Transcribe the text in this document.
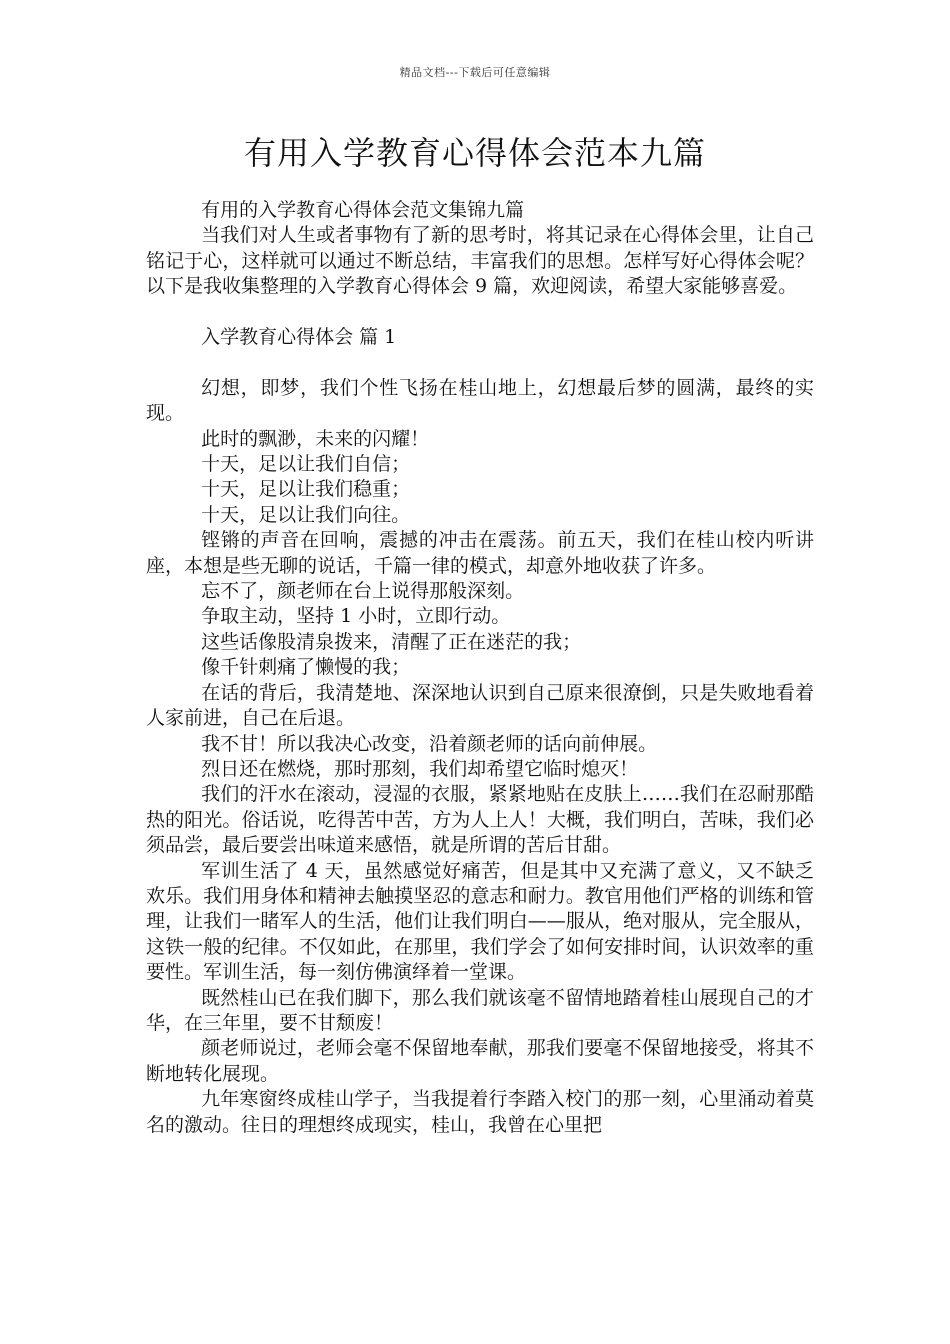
精品文档---下载后可任意编辑
有用入学教育心得体会范本九篇

有用的入学教育心得体会范文集锦九篇

当我们对人生或者事物有了新的思考时，将其记录在心得体会里，让自己铭记于心，这样就可以通过不断总结，丰富我们的思想。怎样写好心得体会呢？以下是我收集整理的入学教育心得体会 9 篇，欢迎阅读，希望大家能够喜爱。

入学教育心得体会 篇 1

幻想，即梦，我们个性飞扬在桂山地上，幻想最后梦的圆满，最终的实现。

此时的飘渺，未来的闪耀！

十天，足以让我们自信；

十天，足以让我们稳重；

十天，足以让我们向往。

铿锵的声音在回响，震撼的冲击在震荡。前五天，我们在桂山校内听讲座，本想是些无聊的说话，千篇一律的模式，却意外地收获了许多。

忘不了，颜老师在台上说得那般深刻。

争取主动，坚持 1 小时，立即行动。

这些话像股清泉拨来，清醒了正在迷茫的我；

像千针刺痛了懒慢的我；

在话的背后，我清楚地、深深地认识到自己原来很潦倒，只是失败地看着人家前进，自己在后退。

我不甘！所以我决心改变，沿着颜老师的话向前伸展。

烈日还在燃烧，那时那刻，我们却希望它临时熄灭！

我们的汗水在滚动，浸湿的衣服，紧紧地贴在皮肤上……我们在忍耐那酷热的阳光。俗话说，吃得苦中苦，方为人上人！大概，我们明白，苦味，我们必须品尝，最后要尝出味道来感悟，就是所谓的苦后甘甜。

军训生活了 4 天，虽然感觉好痛苦，但是其中又充满了意义，又不缺乏欢乐。我们用身体和精神去触摸坚忍的意志和耐力。教官用他们严格的训练和管理，让我们一睹军人的生活，他们让我们明白——服从，绝对服从，完全服从，这铁一般的纪律。不仅如此，在那里，我们学会了如何安排时间，认识效率的重要性。军训生活，每一刻仿佛演绎着一堂课。

既然桂山已在我们脚下，那么我们就该毫不留情地踏着桂山展现自己的才华，在三年里，要不甘颓废！

颜老师说过，老师会毫不保留地奉献，那我们要毫不保留地接受，将其不断地转化展现。

九年寒窗终成桂山学子，当我提着行李踏入校门的那一刻，心里涌动着莫名的激动。往日的理想终成现实，桂山，我曾在心里把
